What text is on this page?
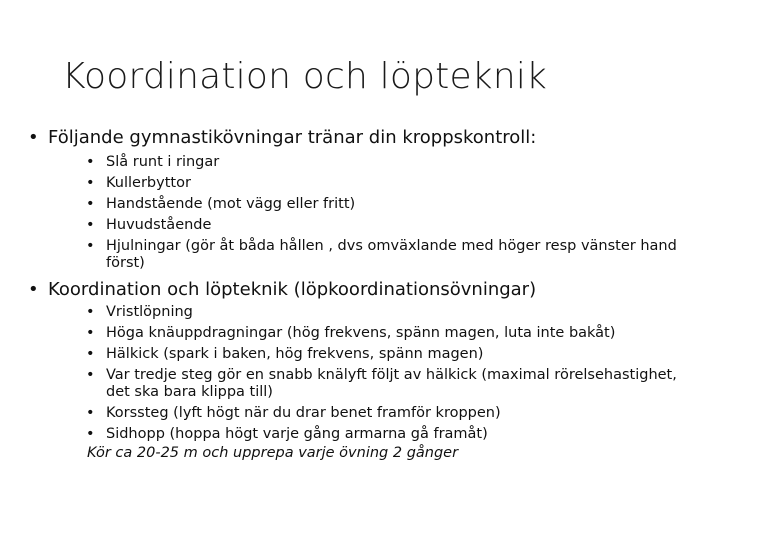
Koordination och löpteknik
• Följande gymnastikövningar tränar din kroppskontroll:
• Slå runt i ringar
• Kullerbyttor
• Handstående (mot vägg eller fritt)
• Huvudstående
• Hjulningar (gör åt båda hållen , dvs omväxlande med höger resp vänster hand
först)
• Koordination och löpteknik (löpkoordinationsövningar)
• Vristlöpning
• Höga knäuppdragningar (hög frekvens, spänn magen, luta inte bakåt)
• Hälkick (spark i baken, hög frekvens, spänn magen)
• Var tredje steg gör en snabb knälyft följt av hälkick (maximal rörelsehastighet,
det ska bara klippa till)
• Korssteg (lyft högt när du drar benet framför kroppen)
• Sidhopp (hoppa högt varje gång armarna gå framåt)
Kör ca 20-25 m och upprepa varje övning 2 gånger
